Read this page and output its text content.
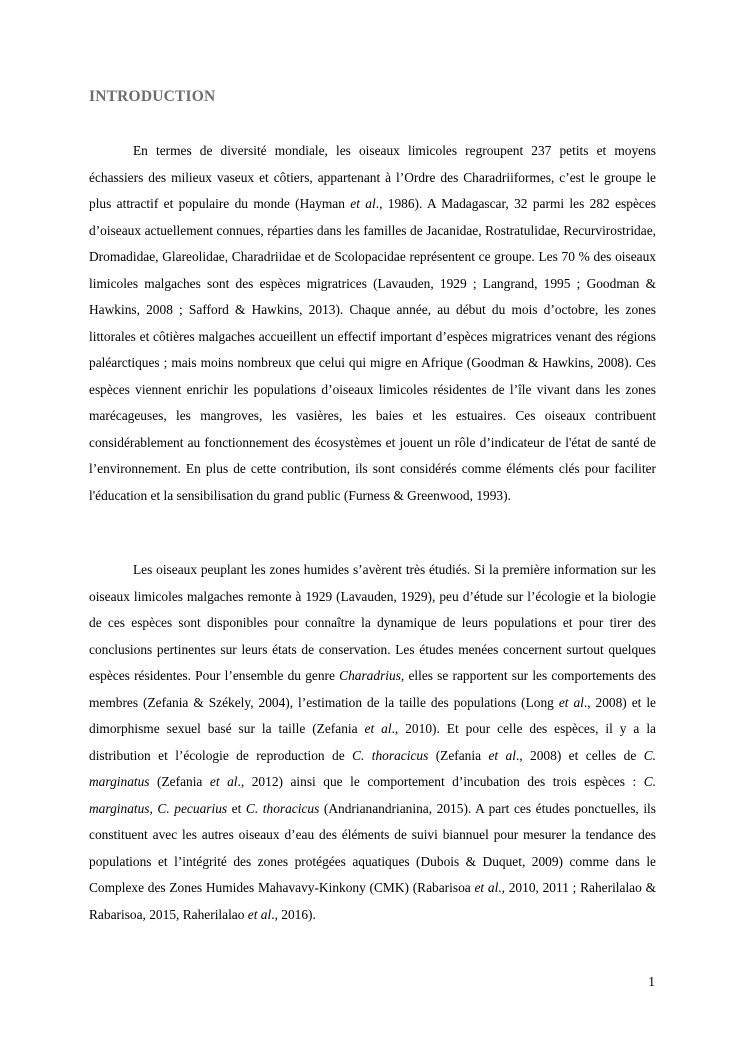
INTRODUCTION

En termes de diversité mondiale, les oiseaux limicoles regroupent 237 petits et moyens échassiers des milieux vaseux et côtiers, appartenant à l’Ordre des Charadriiformes, c’est le groupe le plus attractif et populaire du monde (Hayman et al., 1986). A Madagascar, 32 parmi les 282 espèces d’oiseaux actuellement connues, réparties dans les familles de Jacanidae, Rostratulidae, Recurvirostridae, Dromadidae, Glareolidae, Charadriidae et de Scolopacidae représentent ce groupe. Les 70 % des oiseaux limicoles malgaches sont des espèces migratrices (Lavauden, 1929 ; Langrand, 1995 ; Goodman & Hawkins, 2008 ; Safford & Hawkins, 2013). Chaque année, au début du mois d’octobre, les zones littorales et côtières malgaches accueillent un effectif important d’espèces migratrices venant des régions paléarctiques ; mais moins nombreux que celui qui migre en Afrique (Goodman & Hawkins, 2008). Ces espèces viennent enrichir les populations d’oiseaux limicoles résidentes de l’île vivant dans les zones marécageuses, les mangroves, les vasières, les baies et les estuaires. Ces oiseaux contribuent considérablement au fonctionnement des écosystèmes et jouent un rôle d’indicateur de l'état de santé de l’environnement. En plus de cette contribution, ils sont considérés comme éléments clés pour faciliter l'éducation et la sensibilisation du grand public (Furness & Greenwood, 1993).

Les oiseaux peuplant les zones humides s’avèrent très étudiés. Si la première information sur les oiseaux limicoles malgaches remonte à 1929 (Lavauden, 1929), peu d’étude sur l’écologie et la biologie de ces espèces sont disponibles pour connaître la dynamique de leurs populations et pour tirer des conclusions pertinentes sur leurs états de conservation. Les études menées concernent surtout quelques espèces résidentes. Pour l’ensemble du genre Charadrius, elles se rapportent sur les comportements des membres (Zefania & Székely, 2004), l’estimation de la taille des populations (Long et al., 2008) et le dimorphisme sexuel basé sur la taille (Zefania et al., 2010). Et pour celle des espèces, il y a la distribution et l’écologie de reproduction de C. thoracicus (Zefania et al., 2008) et celles de C. marginatus (Zefania et al., 2012) ainsi que le comportement d’incubation des trois espèces : C. marginatus, C. pecuarius et C. thoracicus (Andrianandrianina, 2015). A part ces études ponctuelles, ils constituent avec les autres oiseaux d’eau des éléments de suivi biannuel pour mesurer la tendance des populations et l’intégrité des zones protégées aquatiques (Dubois & Duquet, 2009) comme dans le Complexe des Zones Humides Mahavavy-Kinkony (CMK) (Rabarisoa et al., 2010, 2011 ; Raherilalao & Rabarisoa, 2015, Raherilalao et al., 2016).

1
